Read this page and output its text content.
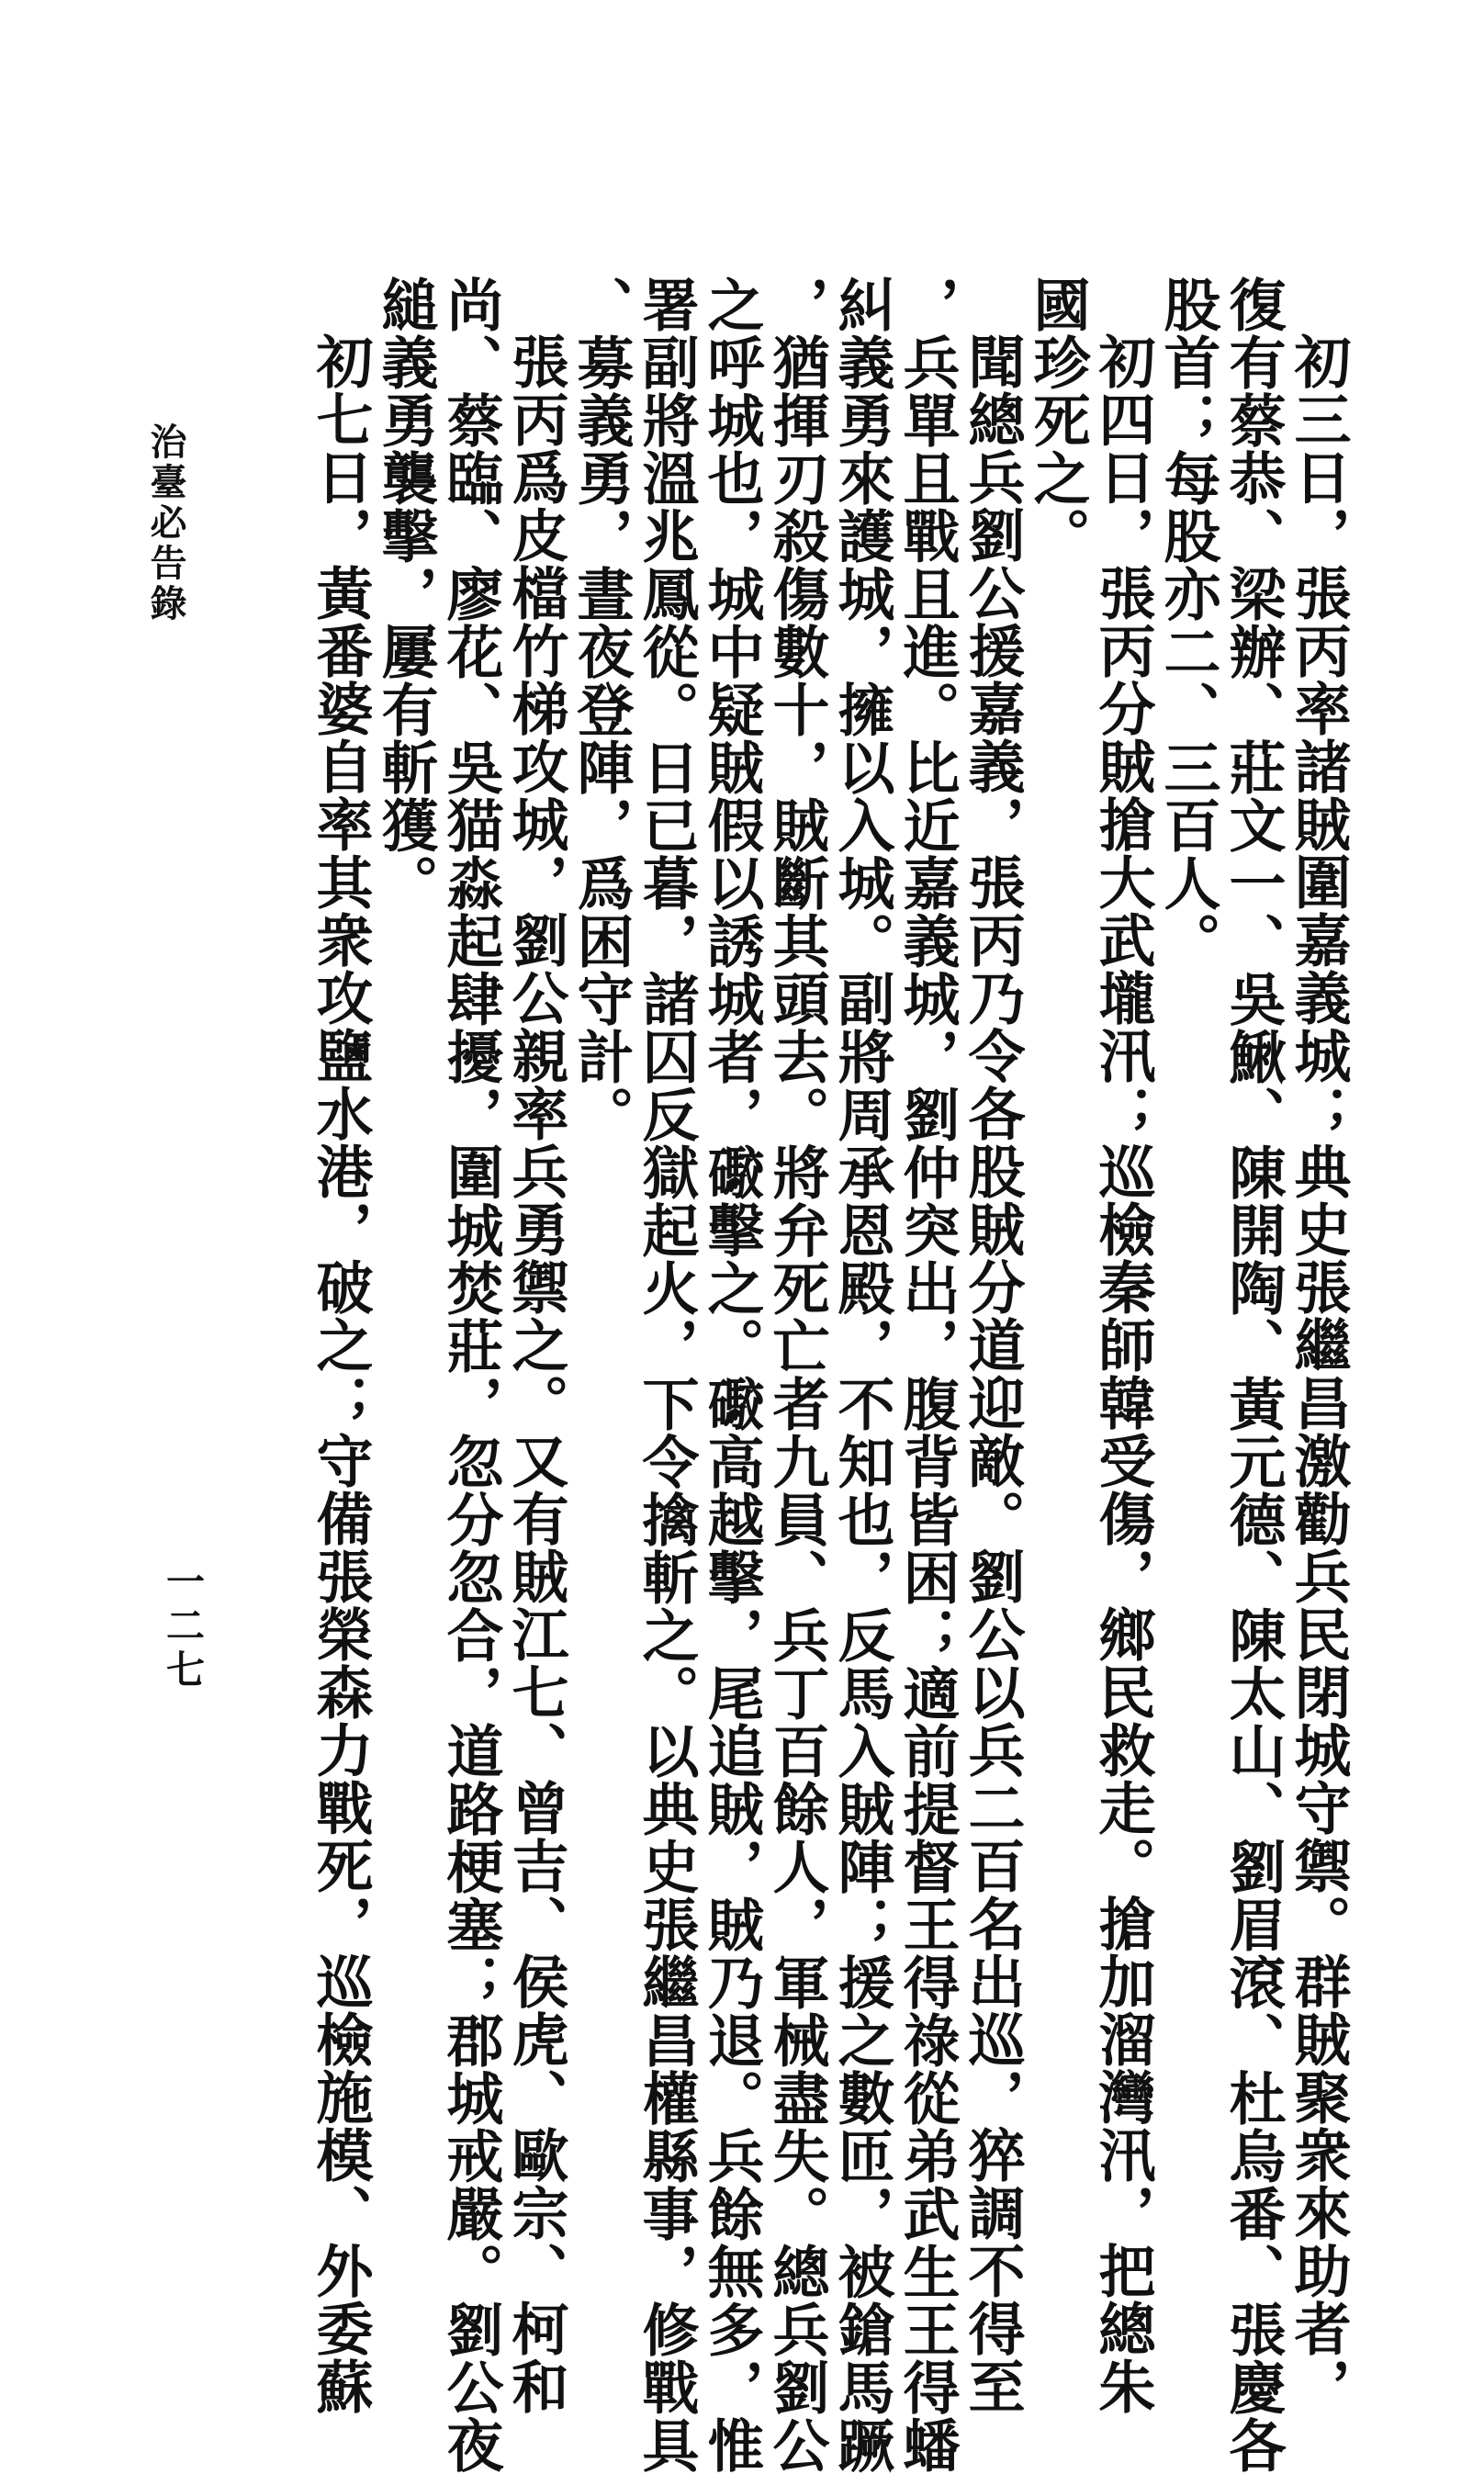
初三日，張丙率諸賊圍嘉義城；典史張繼昌激勸兵民閉城守禦。群賊聚衆來助者，
復有蔡恭、梁辦、莊文一、吳鰍、陳開陶、黃元德、陳太山、劉眉滾、杜烏番、張慶各
股首；每股亦二、三百人。
初四日，張丙分賊搶大武壠汛；巡檢秦師韓受傷，鄉民救走。搶加溜灣汛，把總朱
國珍死之。
聞總兵劉公援嘉義，張丙乃令各股賊分道迎敵。劉公以兵二百名出巡，猝調不得至
，兵單且戰且進。比近嘉義城，劉仲突出，腹背皆困；適前提督王得祿從弟武生王得蟠
糾義勇來護城，擁以入城。副將周承恩殿，不知也，反馬入賊陣；援之數匝，被鎗馬蹶
，猶揮刃殺傷數十，賊斷其頭去。將弁死亡者九員、兵丁百餘人，軍械盡失。總兵劉公
之呼城也，城中疑賊假以誘城者，礮擊之。礮高越擊，尾追賊，賊乃退。兵餘無多，惟
署副將溫兆鳳從。日已暮，諸囚反獄起火，下令擒斬之。以典史張繼昌權縣事，修戰具
、募義勇，晝夜登陣，爲困守計。
張丙爲皮檔竹梯攻城，劉公親率兵勇禦之。又有賊江七、曾吉、侯虎、歐宗、柯和
尚、蔡臨、廖花、吳猫淼起肆擾，圍城焚莊，忽分忽合，道路梗塞；郡城戒嚴。劉公夜
縋義勇襲擊，屢有斬獲。
初七日，黃番婆自率其衆攻鹽水港，破之；守備張榮森力戰死，巡檢施模、外委蘇
治臺必告錄
一二七
